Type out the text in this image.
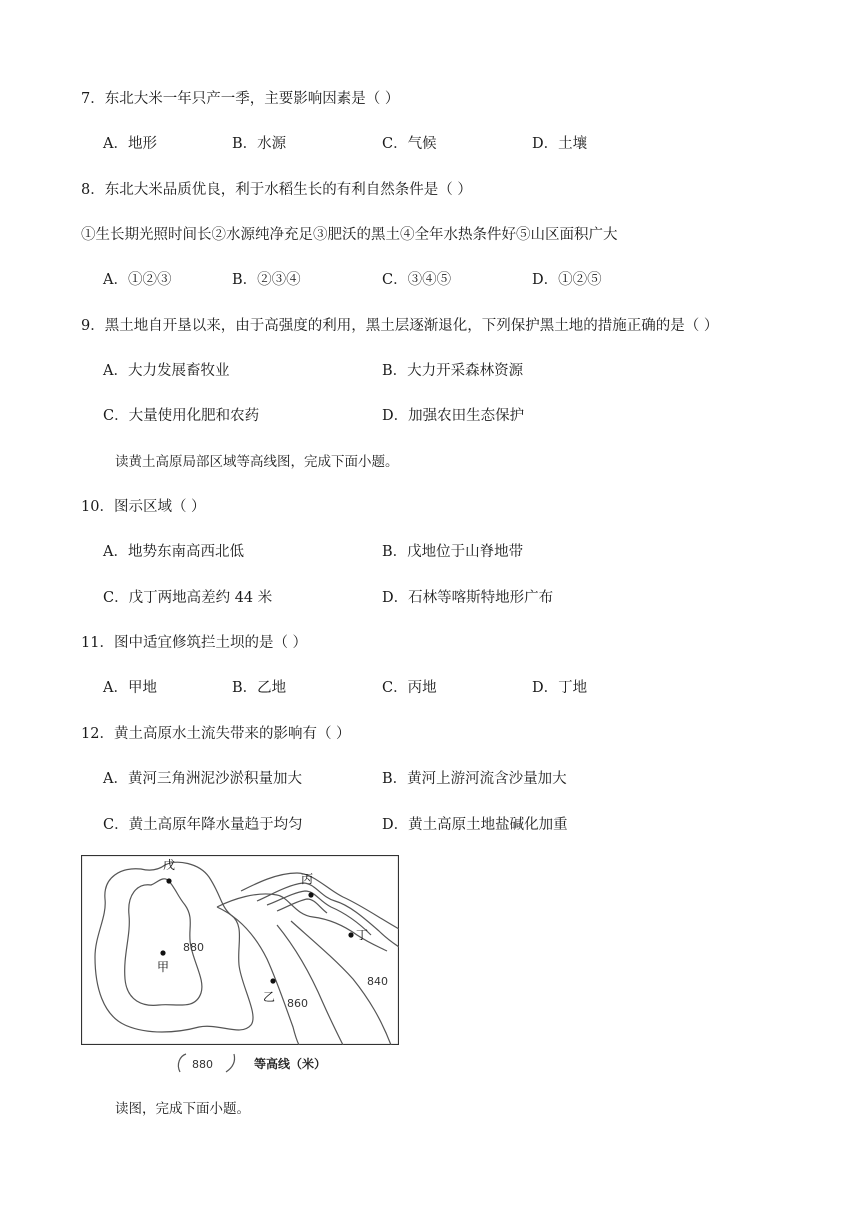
7．东北大米一年只产一季，主要影响因素是（ ）
A．地形	B．水源	C．气候	D．土壤
8．东北大米品质优良，利于水稻生长的有利自然条件是（ ）
①生长期光照时间长②水源纯净充足③肥沃的黑土④全年水热条件好⑤山区面积广大
A．①②③	B．②③④	C．③④⑤	D．①②⑤
9．黑土地自开垦以来，由于高强度的利用，黑土层逐渐退化，下列保护黑土地的措施正确的是（ ）
A．大力发展畜牧业	B．大力开采森林资源
C．大量使用化肥和农药	D．加强农田生态保护
读黄土高原局部区域等高线图，完成下面小题。
10．图示区域（ ）
A．地势东南高西北低	B．戊地位于山脊地带
C．戊丁两地高差约 44 米	D．石林等喀斯特地形广布
11．图中适宜修筑拦土坝的是（ ）
A．甲地	B．乙地	C．丙地	D．丁地
12．黄土高原水土流失带来的影响有（ ）
A．黄河三角洲泥沙淤积量加大	B．黄河上游河流含沙量加大
C．黄土高原年降水量趋于均匀	D．黄土高原土地盐碱化加重
戊
丙
丁
甲
乙
880
860
840
880	等高线（米）
读图，完成下面小题。
